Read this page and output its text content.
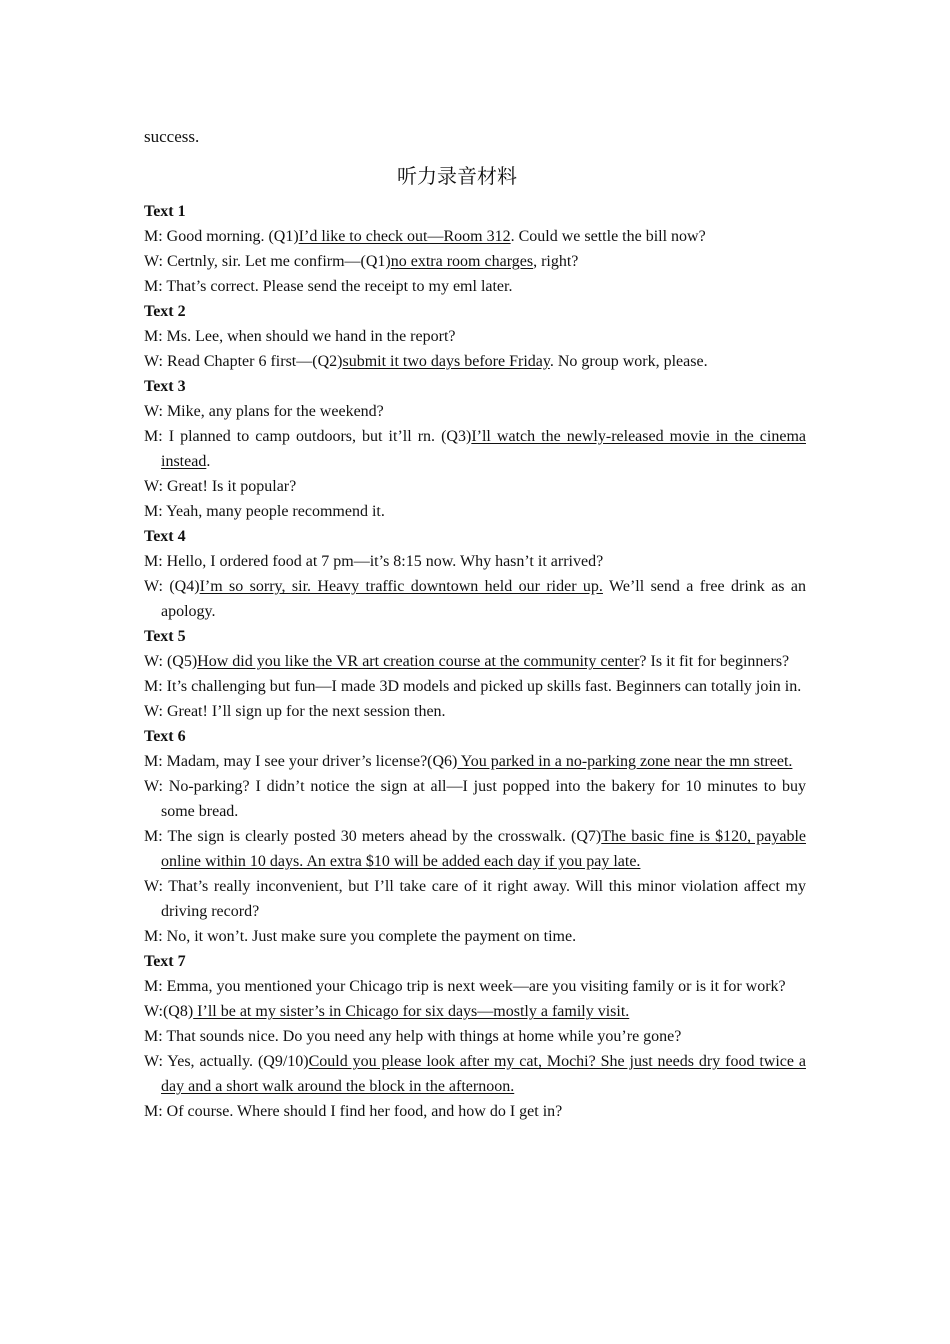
success.
听力录音材料

Text 1

M: Good morning. (Q1)I’d like to check out—Room 312. Could we settle the bill now?

W: Certnly, sir. Let me confirm—(Q1)no extra room charges, right?

M: That’s correct. Please send the receipt to my eml later.

Text 2

M: Ms. Lee, when should we hand in the report?

W: Read Chapter 6 first—(Q2)submit it two days before Friday. No group work, please.

Text 3

W: Mike, any plans for the weekend?

M: I planned to camp outdoors, but it’ll rn. (Q3)I’ll watch the newly-released movie in the cinema instead.

W: Great! Is it popular?

M: Yeah, many people recommend it.

Text 4

M: Hello, I ordered food at 7 pm—it’s 8:15 now. Why hasn’t it arrived?

W: (Q4)I’m so sorry, sir. Heavy traffic downtown held our rider up. We’ll send a free drink as an apology.

Text 5

W: (Q5)How did you like the VR art creation course at the community center? Is it fit for beginners?

M: It’s challenging but fun—I made 3D models and picked up skills fast. Beginners can totally join in.

W: Great! I’ll sign up for the next session then.

Text 6

M: Madam, may I see your driver’s license?(Q6) You parked in a no-parking zone near the mn street.

W: No-parking? I didn’t notice the sign at all—I just popped into the bakery for 10 minutes to buy some bread.

M: The sign is clearly posted 30 meters ahead by the crosswalk. (Q7)The basic fine is $120, payable online within 10 days. An extra $10 will be added each day if you pay late.

W: That’s really inconvenient, but I’ll take care of it right away. Will this minor violation affect my driving record?

M: No, it won’t. Just make sure you complete the payment on time.

Text 7

M: Emma, you mentioned your Chicago trip is next week—are you visiting family or is it for work?

W:(Q8) I’ll be at my sister’s in Chicago for six days—mostly a family visit.

M: That sounds nice. Do you need any help with things at home while you’re gone?

W: Yes, actually. (Q9/10)Could you please look after my cat, Mochi? She just needs dry food twice a day and a short walk around the block in the afternoon.

M: Of course. Where should I find her food, and how do I get in?
